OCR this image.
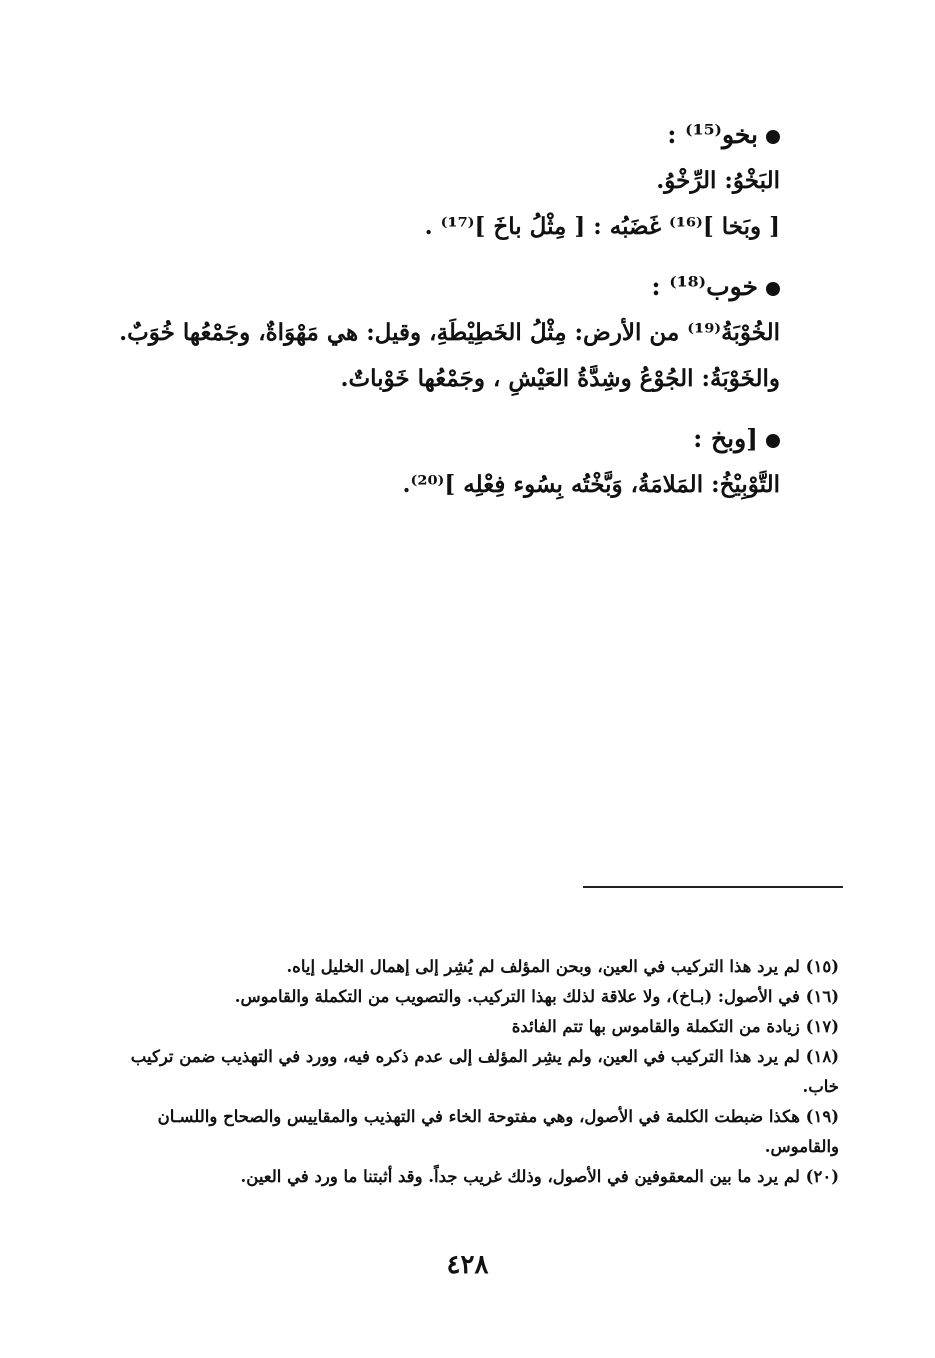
بخو⁽¹⁵⁾ :
البَخْوُ: الرِّخْوُ.
[ وبَخا ]⁽¹⁶⁾ غَضَبُه : [ مِثْلُ باخَ ]⁽¹⁷⁾ .
خوب⁽¹⁸⁾ :
الخُوْبَةُ⁽¹⁹⁾ من الأرض: مِثْلُ الخَطِيْطَةِ، وقيل: هي مَهْوَاةٌ، وجَمْعُها خُوَبٌ.
والخَوْبَةُ: الجُوْعُ وشِدَّةُ العَيْشِ ، وجَمْعُها خَوْباتٌ.
[وبخ :
التَّوْبِيْخُ: المَلامَةُ، وَبَّخْتُه بِسُوء فِعْلِه ]⁽²⁰⁾.

(١٥) لم يرد هذا التركيب في العين، وبحن المؤلف لم يُشِر إلى إهمال الخليل إياه.

(١٦) في الأصول: (بـاخ)، ولا علاقة لذلك بهذا التركيب. والتصويب من التكملة والقاموس.

(١٧) زيادة من التكملة والقاموس بها تتم الفائدة

(١٨) لم يرد هذا التركيب في العين، ولم يشِر المؤلف إلى عدم ذكره فيه، وورد في التهذيب ضمن تركيب خاب.

(١٩) هكذا ضبطت الكلمة في الأصول، وهي مفتوحة الخاء في التهذيب والمقاييس والصحاح واللسـان والقاموس.

(٢٠) لم يرد ما بين المعقوفين في الأصول، وذلك غريب جداً. وقد أثبتنا ما ورد في العين.

٤٢٨
